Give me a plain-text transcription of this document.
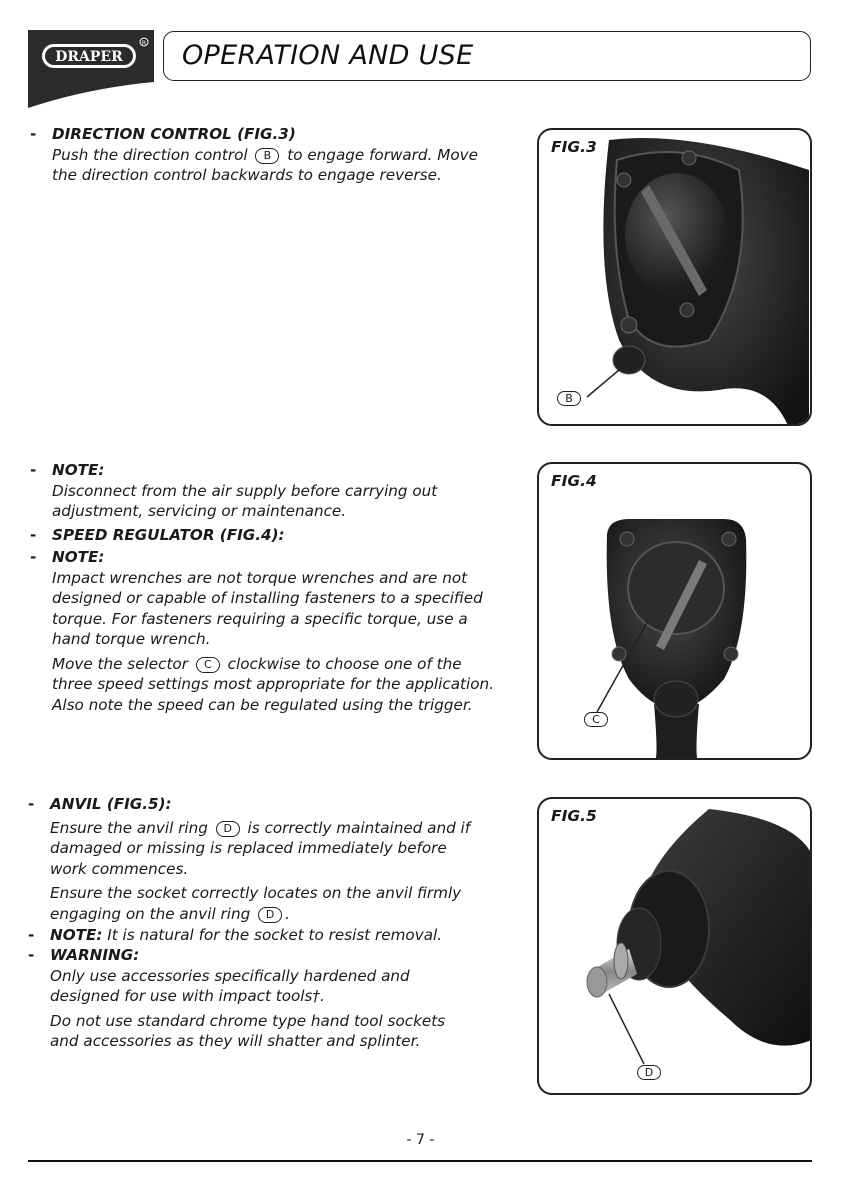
DRAPER
R OPERATION AND USE
- DIRECTION CONTROL (FIG.3)
Push the direction control B to engage forward. Move
the direction control backwards to engage reverse.
- NOTE:
Disconnect from the air supply before carrying out
adjustment, servicing or maintenance.
- SPEED REGULATOR (FIG.4):
- NOTE:
Impact wrenches are not torque wrenches and are not
designed or capable of installing fasteners to a specified
torque. For fasteners requiring a specific torque, use a
hand torque wrench.
Move the selector C clockwise to choose one of the
three speed settings most appropriate for the application.
Also note the speed can be regulated using the trigger.
- ANVIL (FIG.5):
Ensure the anvil ring D is correctly maintained and if
damaged or missing is replaced immediately before
work commences.
Ensure the socket correctly locates on the anvil firmly
engaging on the anvil ring D .
- NOTE: It is natural for the socket to resist removal.
- WARNING:
Only use accessories specifically hardened and
designed for use with impact tools†.
Do not use standard chrome type hand tool sockets
and accessories as they will shatter and splinter.
FIG.3
B
FIG.4
C
FIG.5
D
- 7 -
